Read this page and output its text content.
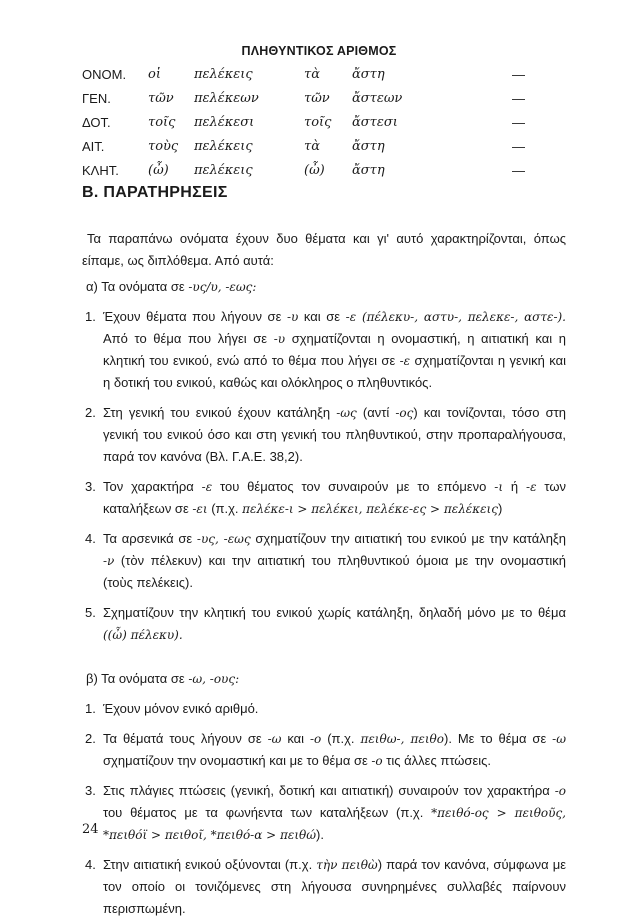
ΠΛΗΘΥΝΤΙΚΟΣ ΑΡΙΘΜΟΣ
ΟΝΟΜ.	οἱ	πελέκεις	τὰ	ἄστη	—
ΓΕΝ.	τῶν	πελέκεων	τῶν	ἄστεων	—
ΔΟΤ.	τοῖς	πελέκεσι	τοῖς	ἄστεσι	—
ΑΙΤ.	τοὺς	πελέκεις	τὰ	ἄστη	—
ΚΛΗΤ.	(ὦ)	πελέκεις	(ὦ)	ἄστη	—
Β. ΠΑΡΑΤΗΡΗΣΕΙΣ

Τα παραπάνω ονόματα έχουν δυο θέματα και γι' αυτό χαρακτηρίζονται, όπως είπαμε, ως διπλόθεμα. Από αυτά:

α) Τα ονόματα σε -υς/υ, -εως:

1. Έχουν θέματα που λήγουν σε -υ και σε -ε (πέλεκυ-, αστυ-, πελεκε-, αστε-). Από το θέμα που λήγει σε -υ σχηματίζονται η ονομαστική, η αιτιατική και η κλητική του ενικού, ενώ από το θέμα που λήγει σε -ε σχηματίζονται η γενική και η δοτική του ενικού, καθώς και ολόκληρος ο πληθυντικός.
2. Στη γενική του ενικού έχουν κατάληξη -ως (αντί -ος) και τονίζονται, τόσο στη γενική του ενικού όσο και στη γενική του πληθυντικού, στην προπαραλήγουσα, παρά τον κανόνα (Βλ. Γ.Α.Ε. 38,2).
3. Τον χαρακτήρα -ε του θέματος τον συναιρούν με το επόμενο -ι ή -ε των καταλήξεων σε -ει (π.χ. πελέκε-ι > πελέκει, πελέκε-ες > πελέκεις)
4. Τα αρσενικά σε -υς, -εως σχηματίζουν την αιτιατική του ενικού με την κατάληξη -ν (τὸν πέλεκυν) και την αιτιατική του πληθυντικού όμοια με την ονομαστική (τοὺς πελέκεις).
5. Σχηματίζουν την κλητική του ενικού χωρίς κατάληξη, δηλαδή μόνο με το θέμα ((ὦ) πέλεκυ).

β) Τα ονόματα σε -ω, -ους:

1. Έχουν μόνον ενικό αριθμό.
2. Τα θέματά τους λήγουν σε -ω και -ο (π.χ. πειθω-, πειθο). Με το θέμα σε -ω σχηματίζουν την ονομαστική και με το θέμα σε -ο τις άλλες πτώσεις.
3. Στις πλάγιες πτώσεις (γενική, δοτική και αιτιατική) συναιρούν τον χαρακτήρα -ο του θέματος με τα φωνήεντα των καταλήξεων (π.χ. *πειθό-ος > πειθοῦς, *πειθόϊ > πειθοῖ, *πειθό-α > πειθώ).
4. Στην αιτιατική ενικού οξύνονται (π.χ. τὴν πειθὼ) παρά τον κανόνα, σύμφωνα με τον οποίο οι τονιζόμενες στη λήγουσα συνηρημένες συλλαβές παίρνουν περισπωμένη.
24
